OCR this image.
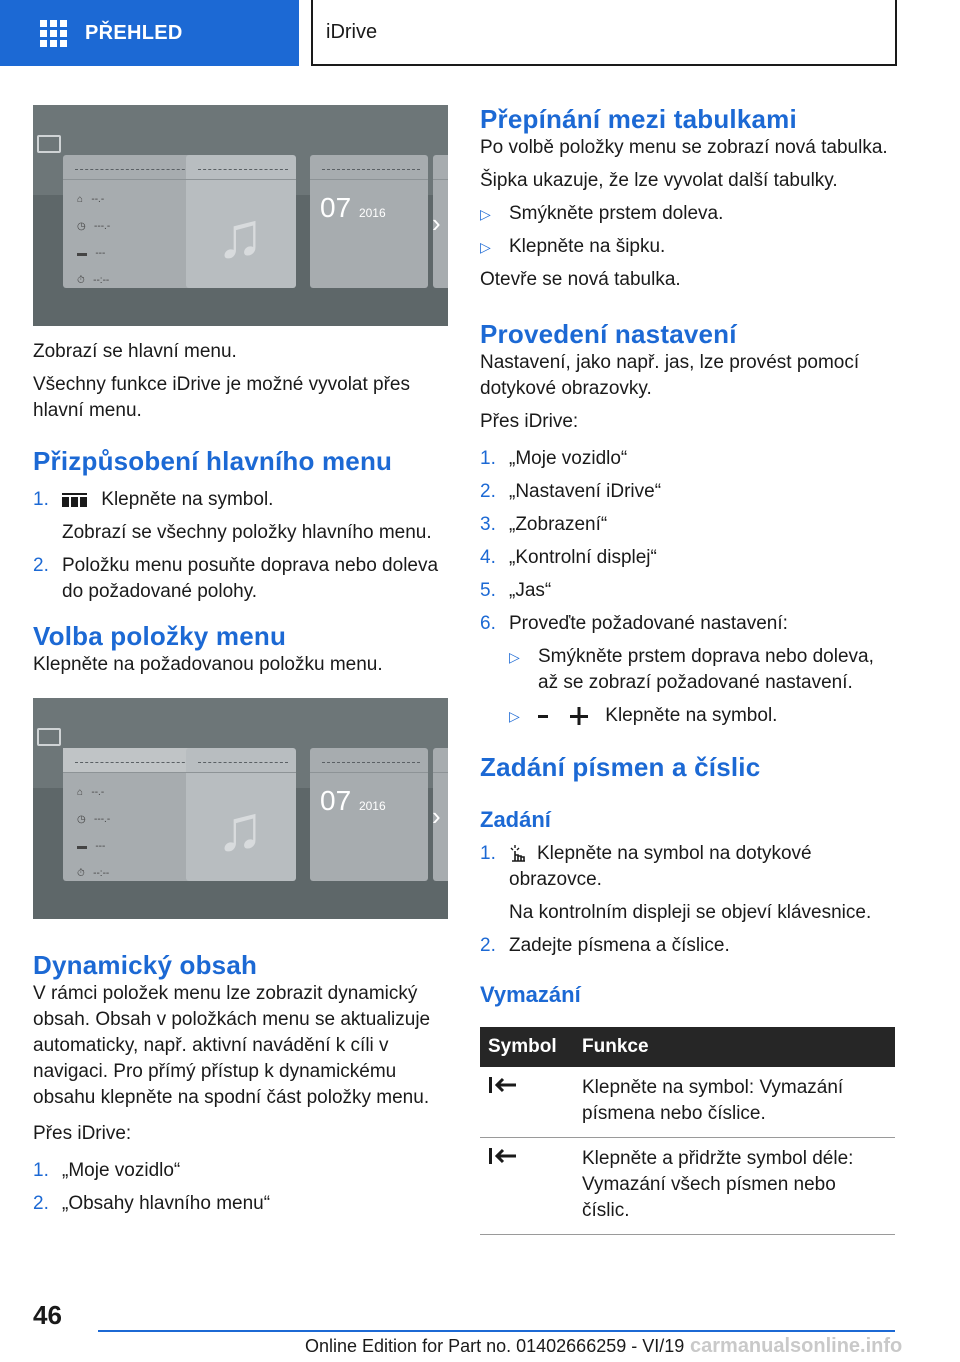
PŘEHLED	iDrive
⌂   --.-
◷   ---.-
▬   ---
⏱   --:--
♫ 07 2016 ›

Zobrazí se hlavní menu.

Všechny funkce iDrive je možné vyvolat přes hlavní menu.

Přizpůsobení hlavního menu
1.	Klepněte na symbol.

Zobrazí se všechny položky hlavního menu.

2. Položku menu posuňte doprava nebo doleva do požadované polohy.
Volba položky menu

Klepněte na požadovanou položku menu.

⌂   --.-
◷   ---.-
▬   ---
⏱   --:--
♫ 07 2016 ›
Dynamický obsah

V rámci položek menu lze zobrazit dynamický obsah. Obsah v položkách menu se aktualizuje automaticky, např. aktivní navádění k cíli v navigaci. Pro přímý přístup k dynamickému obsahu klepněte na spodní část položky menu.

Přes iDrive:

1. „Moje vozidlo“
2. „Obsahy hlavního menu“
Přepínání mezi tabulkami

Po volbě položky menu se zobrazí nová tabulka.

Šipka ukazuje, že lze vyvolat další tabulky.

▷ Smýkněte prstem doleva.
▷ Klepněte na šipku.

Otevře se nová tabulka.

Provedení nastavení

Nastavení, jako např. jas, lze provést pomocí dotykové obrazovky.

Přes iDrive:

1. „Moje vozidlo“
2. „Nastavení iDrive“
3. „Zobrazení“
4. „Kontrolní displej“
5. „Jas“
6. Proveďte požadované nastavení:
▷ Smýkněte prstem doprava nebo doleva, až se zobrazí požadované nastavení.
▷	Klepněte na symbol.
Zadání písmen a číslic
Zadání
1.	Klepněte na symbol na dotykové obrazovce.

Na kontrolním displeji se objeví klávesnice.

2. Zadejte písmena a číslice.
Vymazání
Symbol	Funkce
	Klepněte na symbol: Vymazání písmena nebo číslice.
	Klepněte a přidržte symbol déle: Vymazání všech písmen nebo číslic.
46
Online Edition for Part no. 01402666259 - VI/19 carmanualsonline.info
